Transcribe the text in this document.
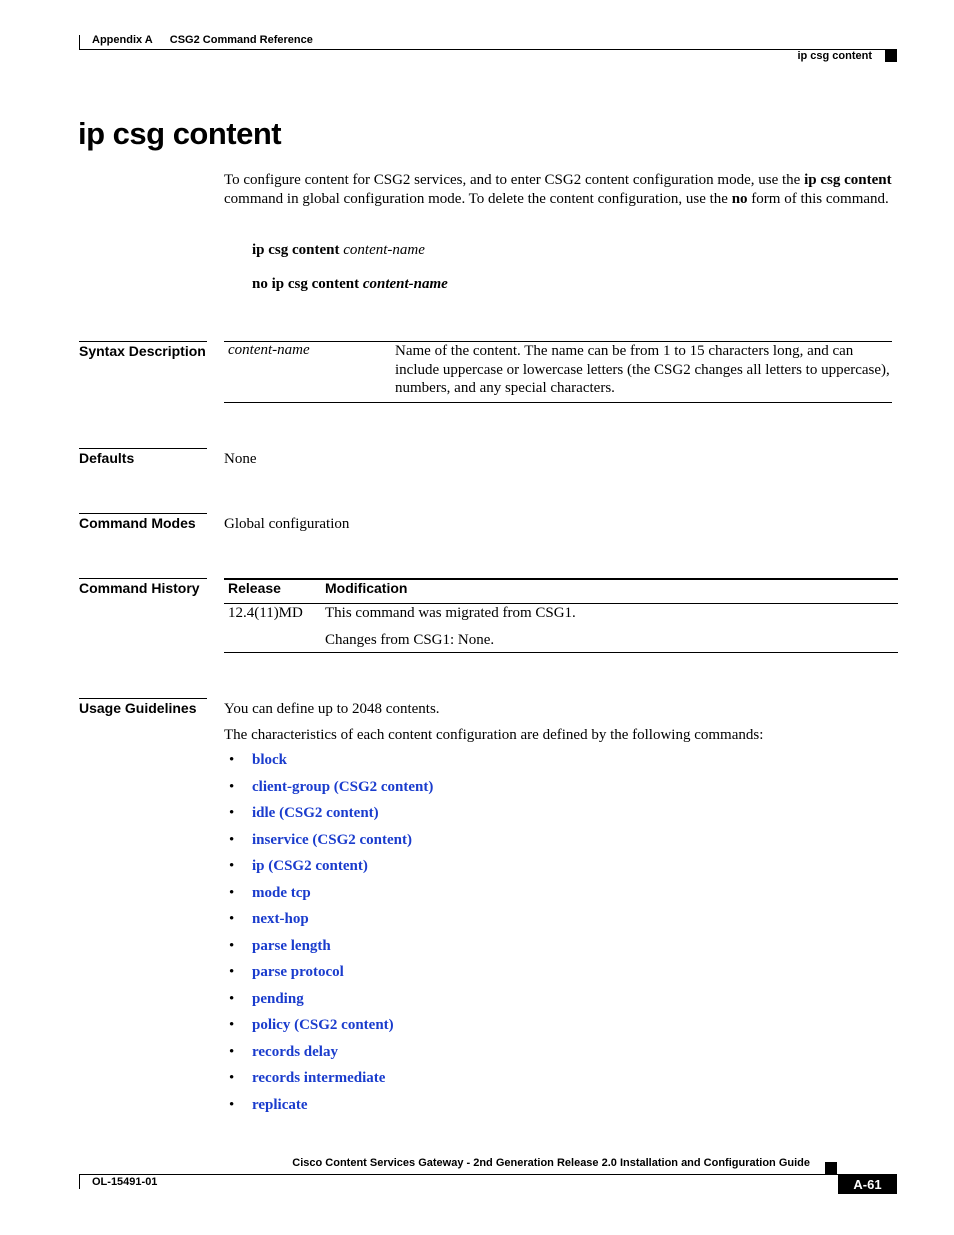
Appendix A CSG2 Command Reference
ip csg content
ip csg content
To configure content for CSG2 services, and to enter CSG2 content configuration mode, use the ip csg content command in global configuration mode. To delete the content configuration, use the no form of this command.
ip csg content content-name
no ip csg content content-name
Syntax Description content-name	Name of the content. The name can be from 1 to 15 characters long, and can include uppercase or lowercase letters (the CSG2 changes all letters to uppercase), numbers, and any special characters.
Defaults	None
Command Modes Global configuration
Command History Release	Modification
12.4(11)MD This command was migrated from CSG1.
Changes from CSG1: None.
Usage Guidelines You can define up to 2048 contents.
The characteristics of each content configuration are defined by the following commands:
• block
• client-group (CSG2 content)
• idle (CSG2 content)
• inservice (CSG2 content)
• ip (CSG2 content)
• mode tcp
• next-hop
• parse length
• parse protocol
• pending
• policy (CSG2 content)
• records delay
• records intermediate
• replicate
Cisco Content Services Gateway - 2nd Generation Release 2.0 Installation and Configuration Guide
OL-15491-01	A-61
